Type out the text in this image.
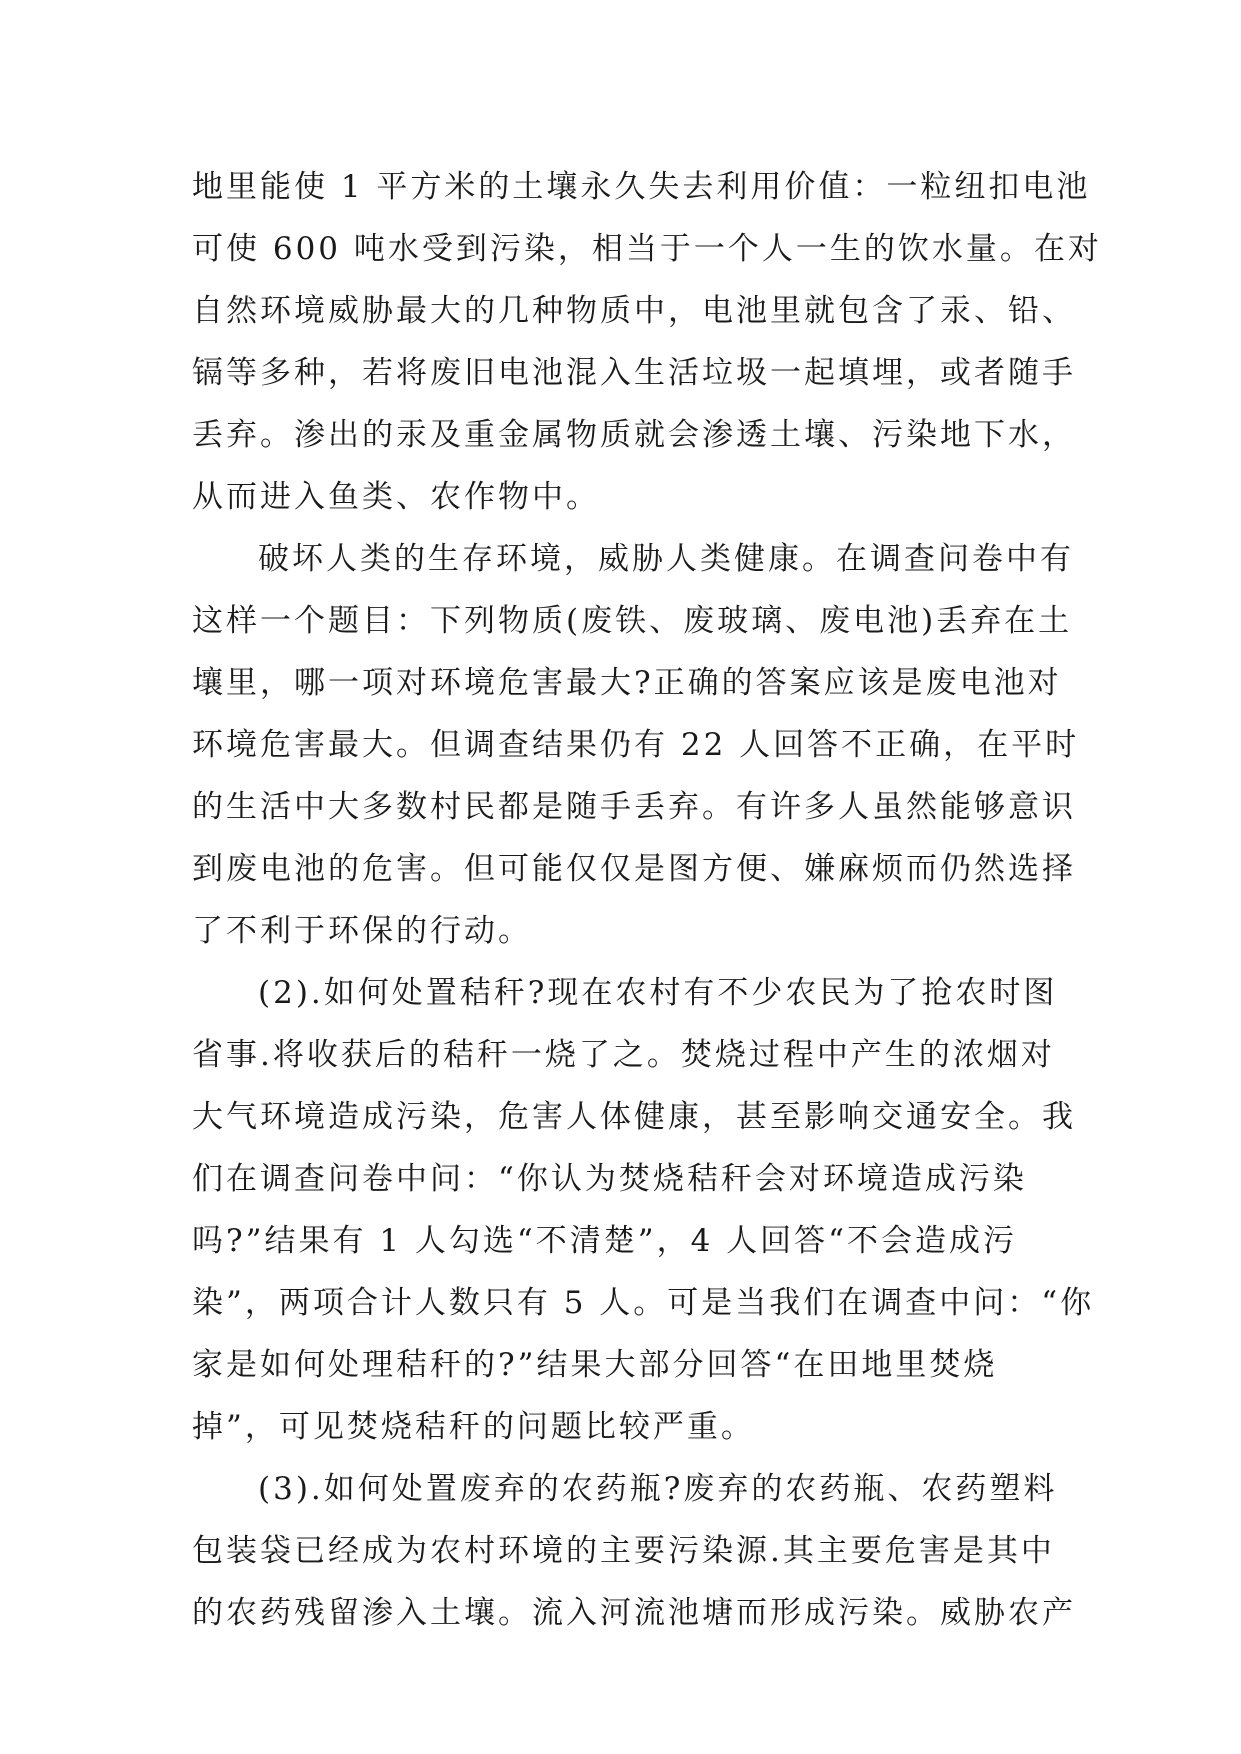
地里能使 1 平方米的土壤永久失去利用价值：一粒纽扣电池
可使 600 吨水受到污染，相当于一个人一生的饮水量。在对
自然环境威胁最大的几种物质中，电池里就包含了汞、铅、
镉等多种，若将废旧电池混入生活垃圾一起填埋，或者随手
丢弃。渗出的汞及重金属物质就会渗透土壤、污染地下水，
从而进入鱼类、农作物中。
破坏人类的生存环境，威胁人类健康。在调查问卷中有
这样一个题目：下列物质(废铁、废玻璃、废电池)丢弃在土
壤里，哪一项对环境危害最大?正确的答案应该是废电池对
环境危害最大。但调查结果仍有 22 人回答不正确，在平时
的生活中大多数村民都是随手丢弃。有许多人虽然能够意识
到废电池的危害。但可能仅仅是图方便、嫌麻烦而仍然选择
了不利于环保的行动。
(2).如何处置秸秆?现在农村有不少农民为了抢农时图
省事.将收获后的秸秆一烧了之。焚烧过程中产生的浓烟对
大气环境造成污染，危害人体健康，甚至影响交通安全。我
们在调查问卷中问：“你认为焚烧秸秆会对环境造成污染
吗?”结果有 1 人勾选“不清楚”，4 人回答“不会造成污
染”，两项合计人数只有 5 人。可是当我们在调查中问：“你
家是如何处理秸秆的?”结果大部分回答“在田地里焚烧
掉”，可见焚烧秸秆的问题比较严重。
(3).如何处置废弃的农药瓶?废弃的农药瓶、农药塑料
包装袋已经成为农村环境的主要污染源.其主要危害是其中
的农药残留渗入土壤。流入河流池塘而形成污染。威胁农产
